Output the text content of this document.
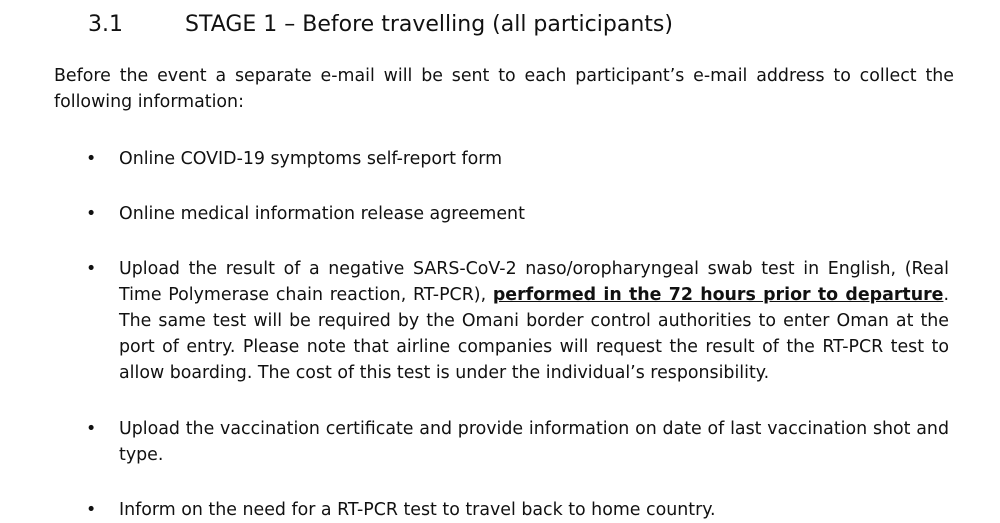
3.1	STAGE 1 – Before travelling (all participants)

Before the event a separate e-mail will be sent to each participant’s e-mail address to collect the following information:

• Online COVID-19 symptoms self-report form
• Online medical information release agreement
• Upload the result of a negative SARS-CoV-2 naso/oropharyngeal swab test in English, (Real Time Polymerase chain reaction, RT-PCR), performed in the 72 hours prior to departure. The same test will be required by the Omani border control authorities to enter Oman at the port of entry. Please note that airline companies will request the result of the RT-PCR test to allow boarding. The cost of this test is under the individual’s responsibility.
• Upload the vaccination certificate and provide information on date of last vaccination shot and type.
• Inform on the need for a RT-PCR test to travel back to home country.
